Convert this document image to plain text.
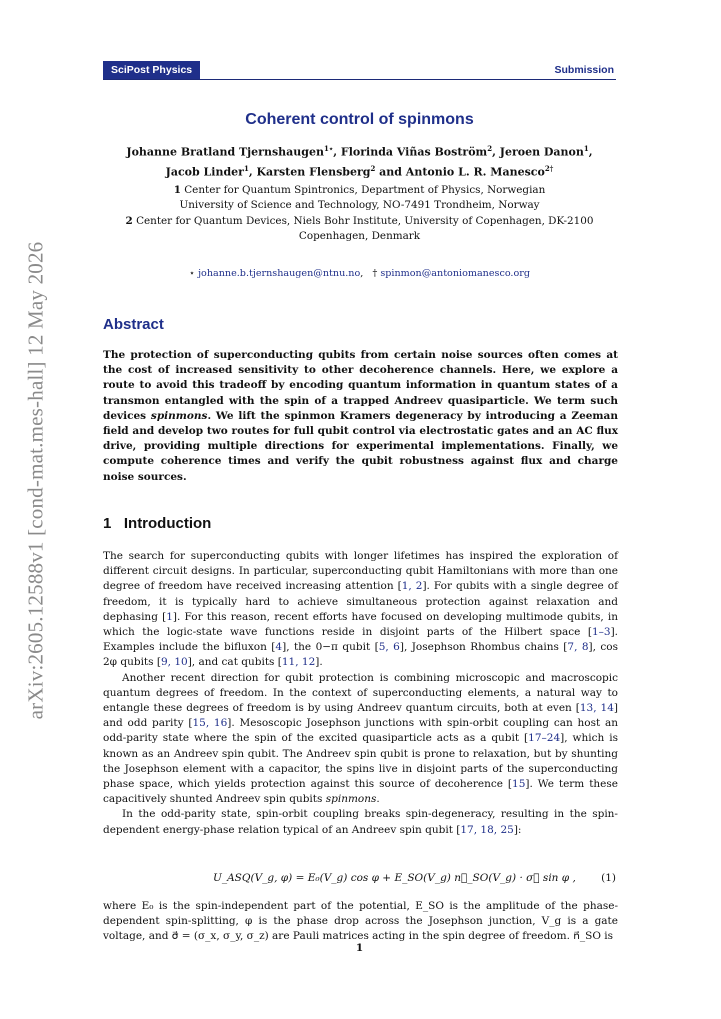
arXiv:2605.12588v1 [cond-mat.mes-hall] 12 May 2026
SciPost Physics	Submission
Coherent control of spinmons
Johanne Bratland Tjernshaugen$^{1⋆}$, Florinda Viñas Boström$^2$, Jeroen Danon$^1$,
Jacob Linder$^1$, Karsten Flensberg$^2$ and Antonio L. R. Manesco$^{2\dagger}$
1 Center for Quantum Spintronics, Department of Physics, Norwegian
University of Science and Technology, NO-7491 Trondheim, Norway
2 Center for Quantum Devices, Niels Bohr Institute, University of Copenhagen, DK-2100
Copenhagen, Denmark
⋆ johanne.b.tjernshaugen@ntnu.no, † spinmon@antoniomanesco.org
Abstract
The protection of superconducting qubits from certain noise sources often comes at the cost of increased sensitivity to other decoherence channels. Here, we explore a route to avoid this tradeoff by encoding quantum information in quantum states of a transmon entangled with the spin of a trapped Andreev quasiparticle. We term such devices spinmons. We lift the spinmon Kramers degeneracy by introducing a Zeeman field and develop two routes for full qubit control via electrostatic gates and an AC flux drive, providing multiple directions for experimental implementations. Finally, we compute coherence times and verify the qubit robustness against flux and charge noise sources.
1 Introduction

The search for superconducting qubits with longer lifetimes has inspired the exploration of different circuit designs. In particular, superconducting qubit Hamiltonians with more than one degree of freedom have received increasing attention [1, 2]. For qubits with a single degree of freedom, it is typically hard to achieve simultaneous protection against relaxation and dephasing [1]. For this reason, recent efforts have focused on developing multimode qubits, in which the logic-state wave functions reside in disjoint parts of the Hilbert space [1–3]. Examples include the bifluxon [4], the 0−π qubit [5, 6], Josephson Rhombus chains [7, 8], cos 2φ qubits [9, 10], and cat qubits [11, 12].

Another recent direction for qubit protection is combining microscopic and macroscopic quantum degrees of freedom. In the context of superconducting elements, a natural way to entangle these degrees of freedom is by using Andreev quantum circuits, both at even [13, 14] and odd parity [15, 16]. Mesoscopic Josephson junctions with spin-orbit coupling can host an odd-parity state where the spin of the excited quasiparticle acts as a qubit [17–24], which is known as an Andreev spin qubit. The Andreev spin qubit is prone to relaxation, but by shunting the Josephson element with a capacitor, the spins live in disjoint parts of the superconducting phase space, which yields protection against this source of decoherence [15]. We term these capacitively shunted Andreev spin qubits spinmons.

In the odd-parity state, spin-orbit coupling breaks spin-degeneracy, resulting in the spin-dependent energy-phase relation typical of an Andreev spin qubit [17, 18, 25]:

U_ASQ(V_g, φ) = E₀(V_g) cos φ + E_SO(V_g) n⃗_SO(V_g) · σ⃗ sin φ , (1)

where E₀ is the spin-independent part of the potential, E_SO is the amplitude of the phase-dependent spin-splitting, φ is the phase drop across the Josephson junction, V_g is a gate voltage, and σ⃗ = (σ_x, σ_y, σ_z) are Pauli matrices acting in the spin degree of freedom. n⃗_SO is

1
